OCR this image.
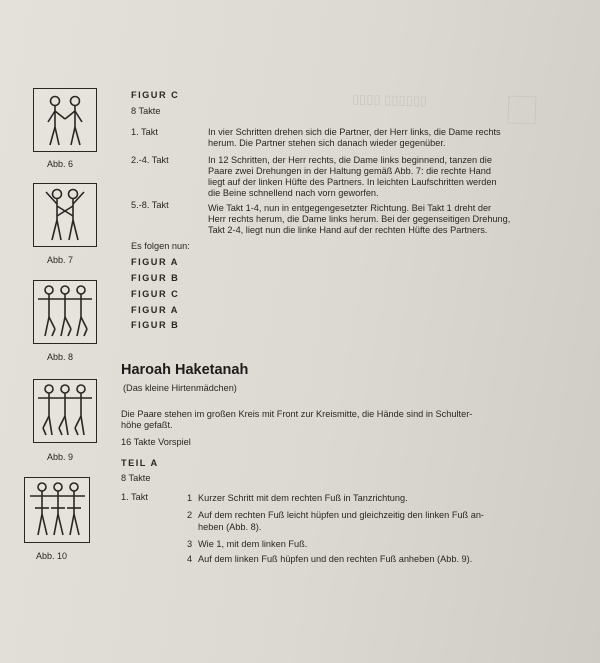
▯▯▯▯ ▯▯▯▯▯▯
Abb. 6
Abb. 7
Abb. 8
Abb. 9
Abb. 10
FIGUR C
8 Takte
1. Takt	In vier Schritten drehen sich die Partner, der Herr links, die Dame rechts
herum. Die Partner stehen sich danach wieder gegenüber.
2.-4. Takt	In 12 Schritten, der Herr rechts, die Dame links beginnend, tanzen die
Paare zwei Drehungen in der Haltung gemäß Abb. 7: die rechte Hand
liegt auf der linken Hüfte des Partners. In leichten Laufschritten werden
die Beine schnellend nach vorn geworfen.
5.-8. Takt	Wie Takt 1-4, nun in entgegengesetzter Richtung. Bei Takt 1 dreht der
Herr rechts herum, die Dame links herum. Bei der gegenseitigen Drehung,
Takt 2-4, liegt nun die linke Hand auf der rechten Hüfte des Partners.
Es folgen nun:
FIGUR A
FIGUR B
FIGUR C
FIGUR A
FIGUR B
Haroah Haketanah
(Das kleine Hirtenmädchen)
Die Paare stehen im großen Kreis mit Front zur Kreismitte, die Hände sind in Schulter-
höhe gefaßt.
16 Takte Vorspiel
TEIL A
8 Takte
1. Takt	1 Kurzer Schritt mit dem rechten Fuß in Tanzrichtung.
2 Auf dem rechten Fuß leicht hüpfen und gleichzeitig den linken Fuß an-
heben (Abb. 8).
3 Wie 1, mit dem linken Fuß.
4 Auf dem linken Fuß hüpfen und den rechten Fuß anheben (Abb. 9).
